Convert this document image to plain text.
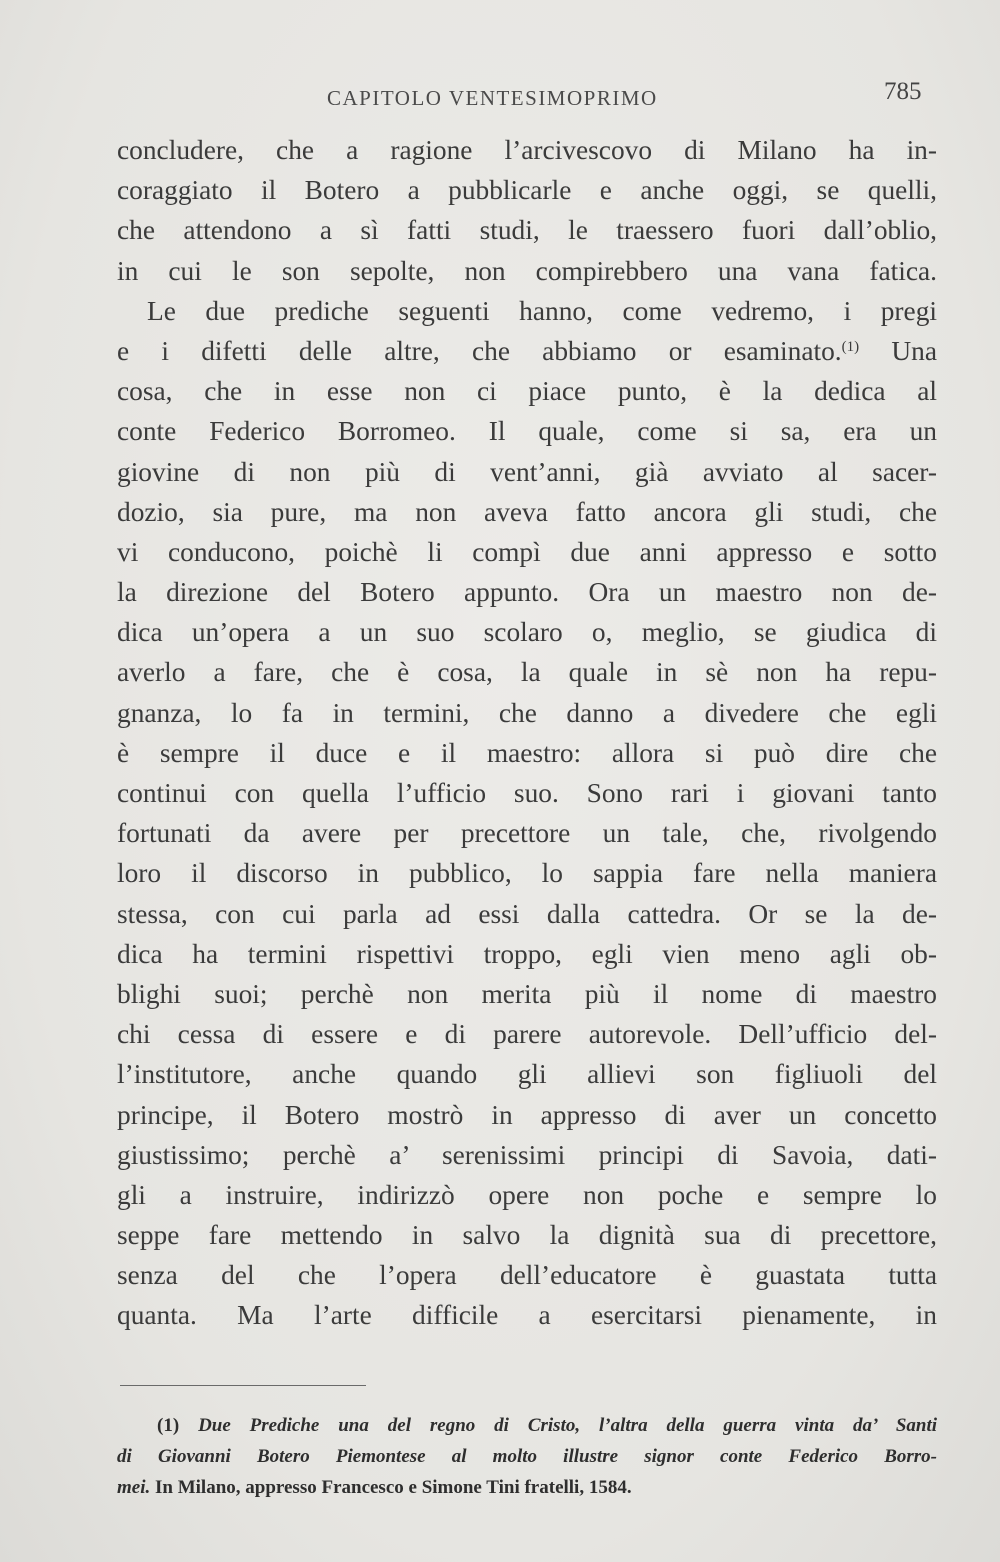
CAPITOLO VENTESIMOPRIMO	785
concludere, che a ragione l’arcivescovo di Milano ha in-
coraggiato il Botero a pubblicarle e anche oggi, se quelli,
che attendono a sì fatti studi, le traessero fuori dall’oblio,
in cui le son sepolte, non compirebbero una vana fatica.
Le due prediche seguenti hanno, come vedremo, i pregi
e i difetti delle altre, che abbiamo or esaminato.$^{(1)}$ Una
cosa, che in esse non ci piace punto, è la dedica al
conte Federico Borromeo. Il quale, come si sa, era un
giovine di non più di vent’anni, già avviato al sacer-
dozio, sia pure, ma non aveva fatto ancora gli studi, che
vi conducono, poichè li compì due anni appresso e sotto
la direzione del Botero appunto. Ora un maestro non de-
dica un’opera a un suo scolaro o, meglio, se giudica di
averlo a fare, che è cosa, la quale in sè non ha repu-
gnanza, lo fa in termini, che danno a divedere che egli
è sempre il duce e il maestro: allora si può dire che
continui con quella l’ufficio suo. Sono rari i giovani tanto
fortunati da avere per precettore un tale, che, rivolgendo
loro il discorso in pubblico, lo sappia fare nella maniera
stessa, con cui parla ad essi dalla cattedra. Or se la de-
dica ha termini rispettivi troppo, egli vien meno agli ob-
blighi suoi; perchè non merita più il nome di maestro
chi cessa di essere e di parere autorevole. Dell’ufficio del-
l’institutore, anche quando gli allievi son figliuoli del
principe, il Botero mostrò in appresso di aver un concetto
giustissimo; perchè a’ serenissimi principi di Savoia, dati-
gli a instruire, indirizzò opere non poche e sempre lo
seppe fare mettendo in salvo la dignità sua di precettore,
senza del che l’opera dell’educatore è guastata tutta
quanta. Ma l’arte difficile a esercitarsi pienamente, in
(1) Due Prediche una del regno di Cristo, l’altra della guerra vinta da’ Santi
di Giovanni Botero Piemontese al molto illustre signor conte Federico Borro-
mei. In Milano, appresso Francesco e Simone Tini fratelli, 1584.
